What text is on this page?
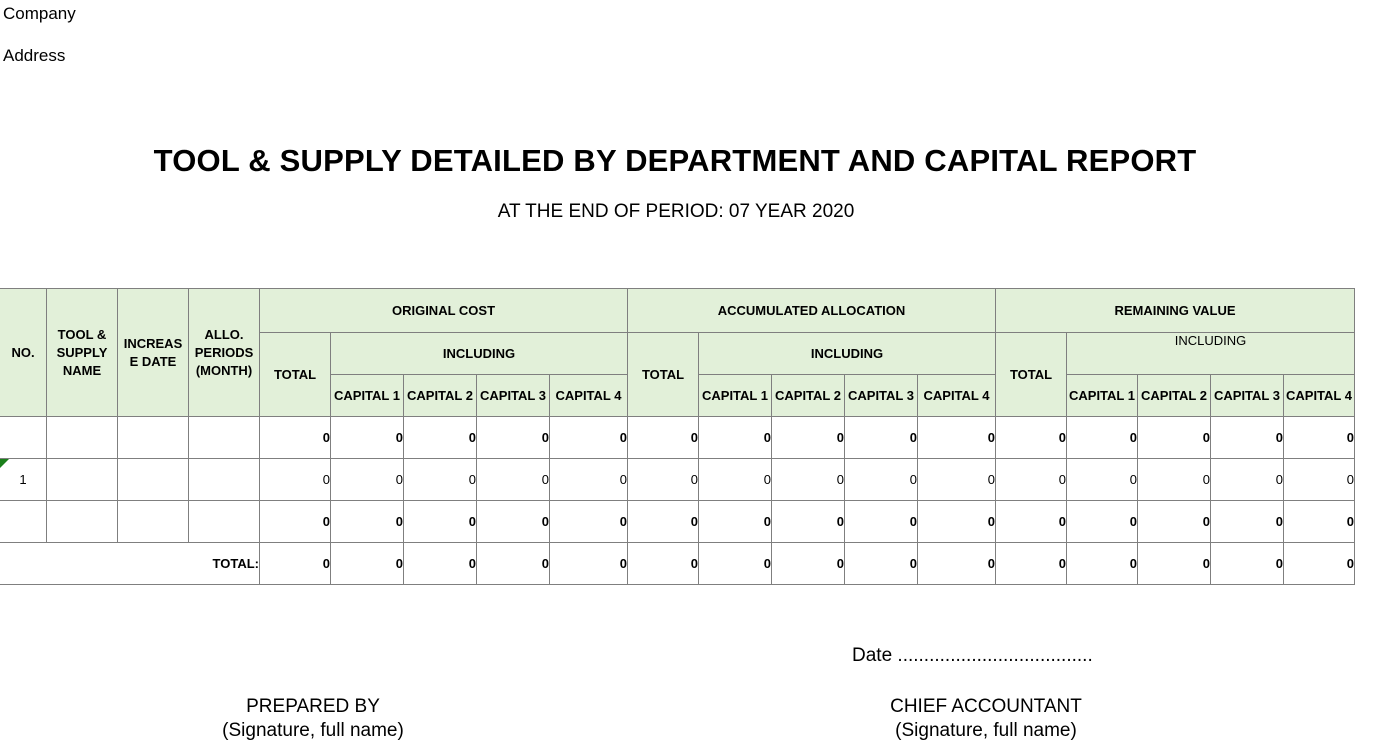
Company
Address
TOOL & SUPPLY DETAILED BY DEPARTMENT AND CAPITAL REPORT
AT THE END OF PERIOD: 07 YEAR 2020
NO.	TOOL & SUPPLY NAME	INCREAS E DATE	ALLO. PERIODS (MONTH)	ORIGINAL COST					ACCUMULATED ALLOCATION					REMAINING VALUE				
				TOTAL	INCLUDING				TOTAL	INCLUDING				TOTAL	INCLUDING			
					CAPITAL 1	CAPITAL 2	CAPITAL 3	CAPITAL 4		CAPITAL 1	CAPITAL 2	CAPITAL 3	CAPITAL 4		CAPITAL 1	CAPITAL 2	CAPITAL 3	CAPITAL 4
				0	0	0	0	0	0	0	0	0	0	0	0	0	0	0

1				0	0	0	0	0	0	0	0	0	0	0	0	0	0	0
				0	0	0	0	0	0	0	0	0	0	0	0	0	0	0
TOTAL:				0	0	0	0	0	0	0	0	0	0	0	0	0	0	0
Date .....................................
PREPARED BY
(Signature, full name)
CHIEF ACCOUNTANT
(Signature, full name)
